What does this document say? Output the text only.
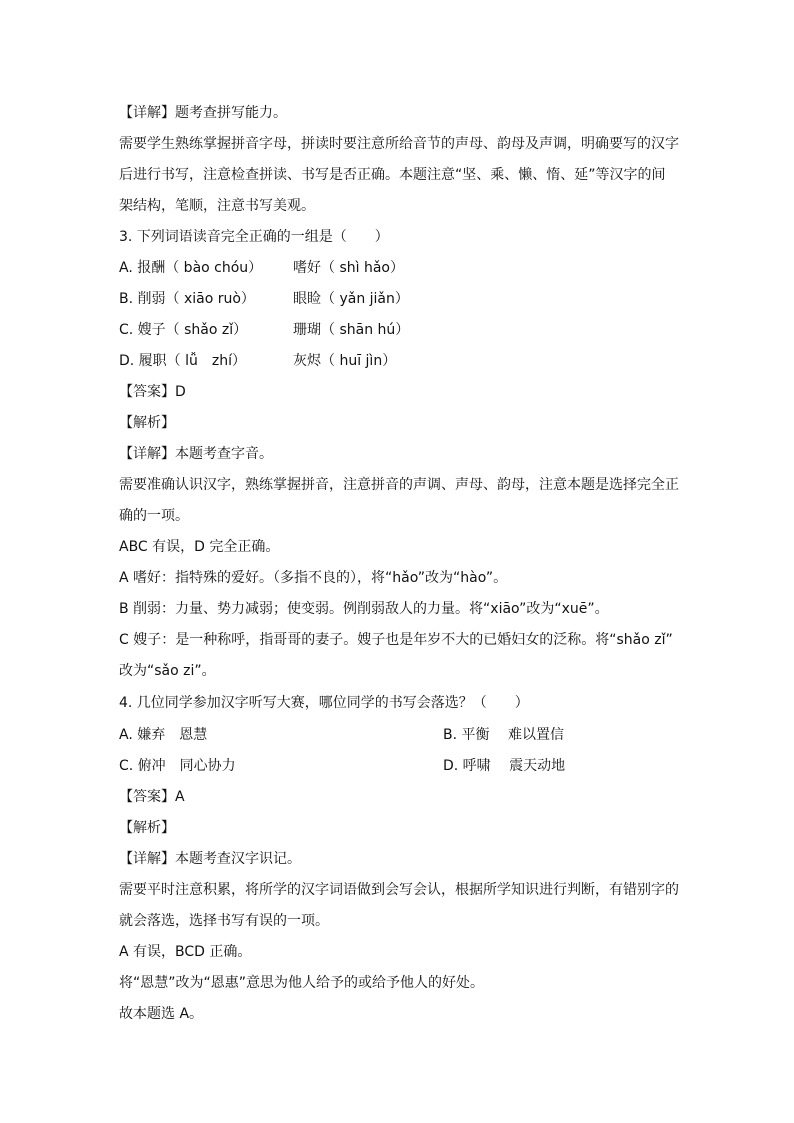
【详解】题考查拼写能力。
需要学生熟练掌握拼音字母，拼读时要注意所给音节的声母、韵母及声调，明确要写的汉字
后进行书写，注意检查拼读、书写是否正确。本题注意“坚、乘、懒、惰、延”等汉字的间
架结构，笔顺，注意书写美观。
3. 下列词语读音完全正确的一组是（　　）
A. 报酬（ bào chóu） 嗜好（ shì hǎo）
B. 削弱（ xiāo ruò）	眼睑（ yǎn jiǎn）
C. 嫂子（ shǎo zǐ）	珊瑚（ shān hú）
D. 履职（ lǚ　zhí）	灰烬（ huī jìn）
【答案】D
【解析】
【详解】本题考查字音。
需要准确认识汉字，熟练掌握拼音，注意拼音的声调、声母、韵母，注意本题是选择完全正
确的一项。
ABC 有误，D 完全正确。
A 嗜好：指特殊的爱好。（多指不良的），将“hǎo”改为“hào”。
B 削弱：力量、势力减弱；使变弱。例削弱敌人的力量。将“xiāo”改为“xuē”。
C 嫂子：是一种称呼，指哥哥的妻子。嫂子也是年岁不大的已婚妇女的泛称。将“shǎo zǐ”
改为“sǎo zi”。
4. 几位同学参加汉字听写大赛，哪位同学的书写会落选？（　　）
A. 嫌弃　恩慧	B. 平衡　 难以置信
C. 俯冲　同心协力	D. 呼啸　 震天动地
【答案】A
【解析】
【详解】本题考查汉字识记。
需要平时注意积累，将所学的汉字词语做到会写会认，根据所学知识进行判断，有错别字的
就会落选，选择书写有误的一项。
A 有误，BCD 正确。
将“恩慧”改为“恩惠”意思为他人给予的或给予他人的好处。
故本题选 A。
